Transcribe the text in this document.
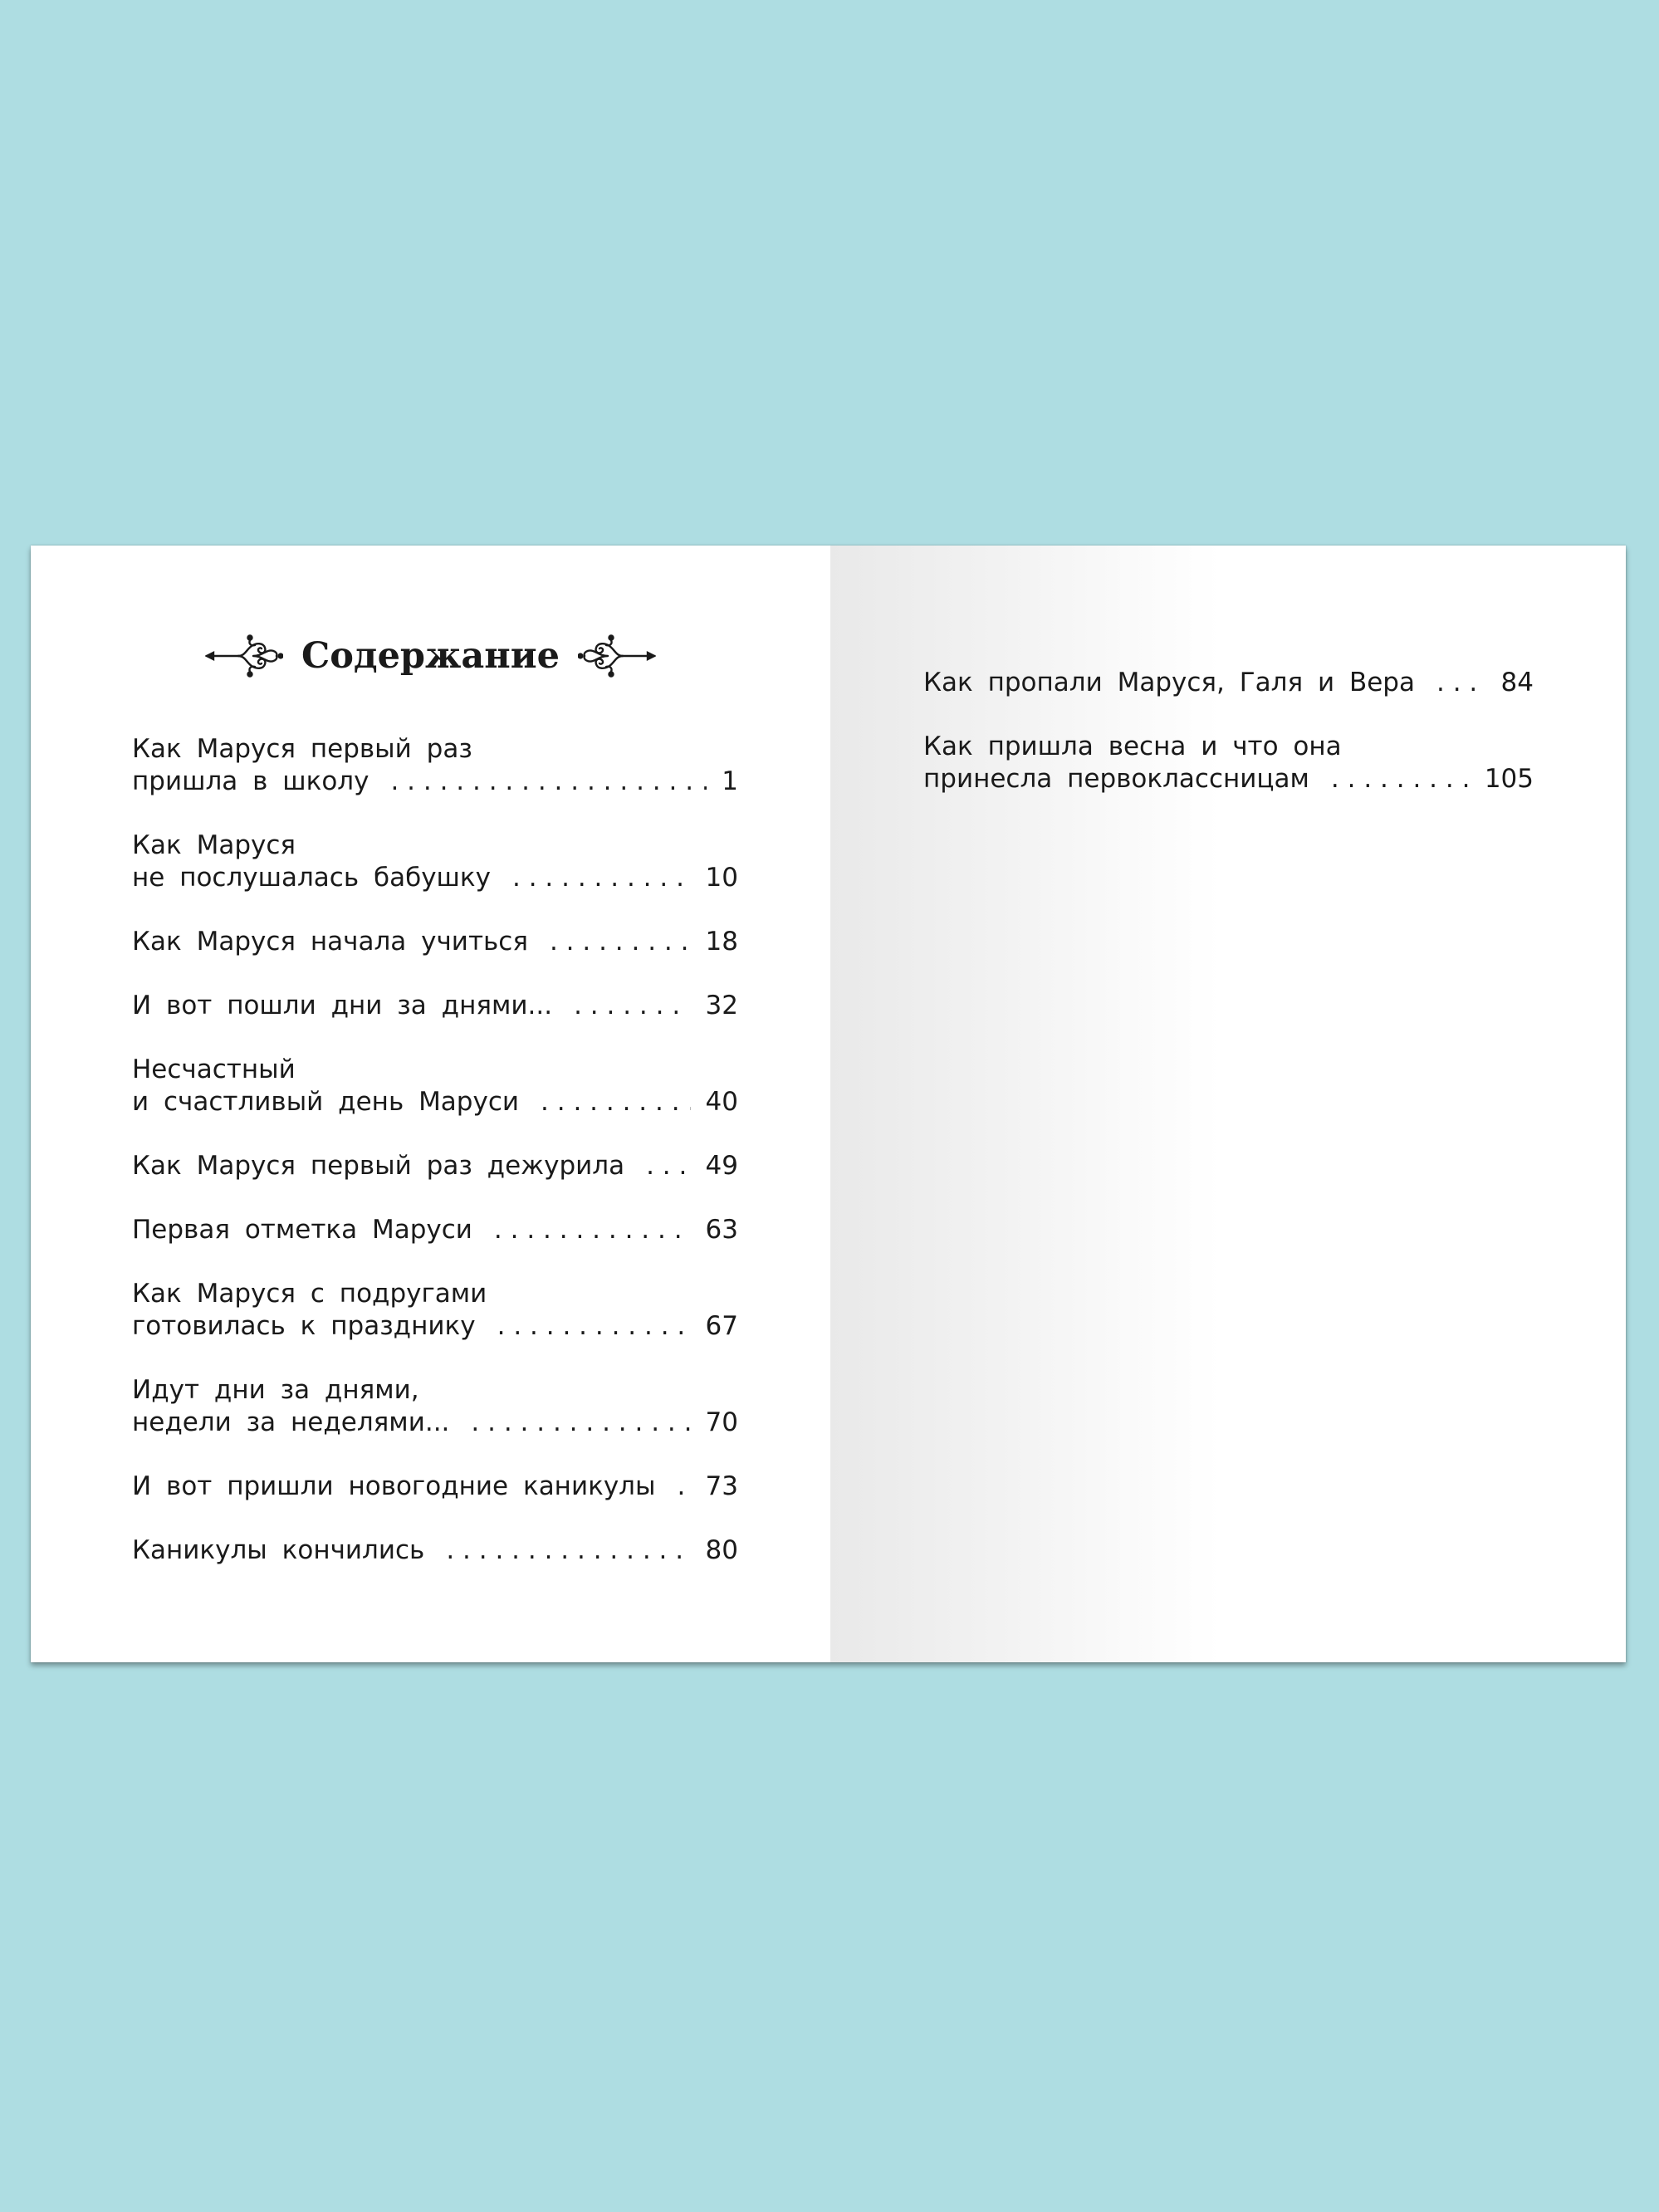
Содержание
Как Маруся первый раз
пришла в школу . . .	1
Как Маруся
не послушалась бабушку . . .	10
Как Маруся начала учиться . . .	18
И вот пошли дни за днями... . . .	32
Несчастный
и счастливый день Маруси . . .	40
Как Маруся первый раз дежурила . . .	49
Первая отметка Маруси . . .	63
Как Маруся с подругами
готовилась к празднику . . .	67
Идут дни за днями,
недели за неделями... . . .	70
И вот пришли новогодние каникулы . . . 73
Каникулы кончились . . .	80
Как пропали Маруся, Галя и Вера . . .	84
Как пришла весна и что она
принесла первоклассницам . . .	105
